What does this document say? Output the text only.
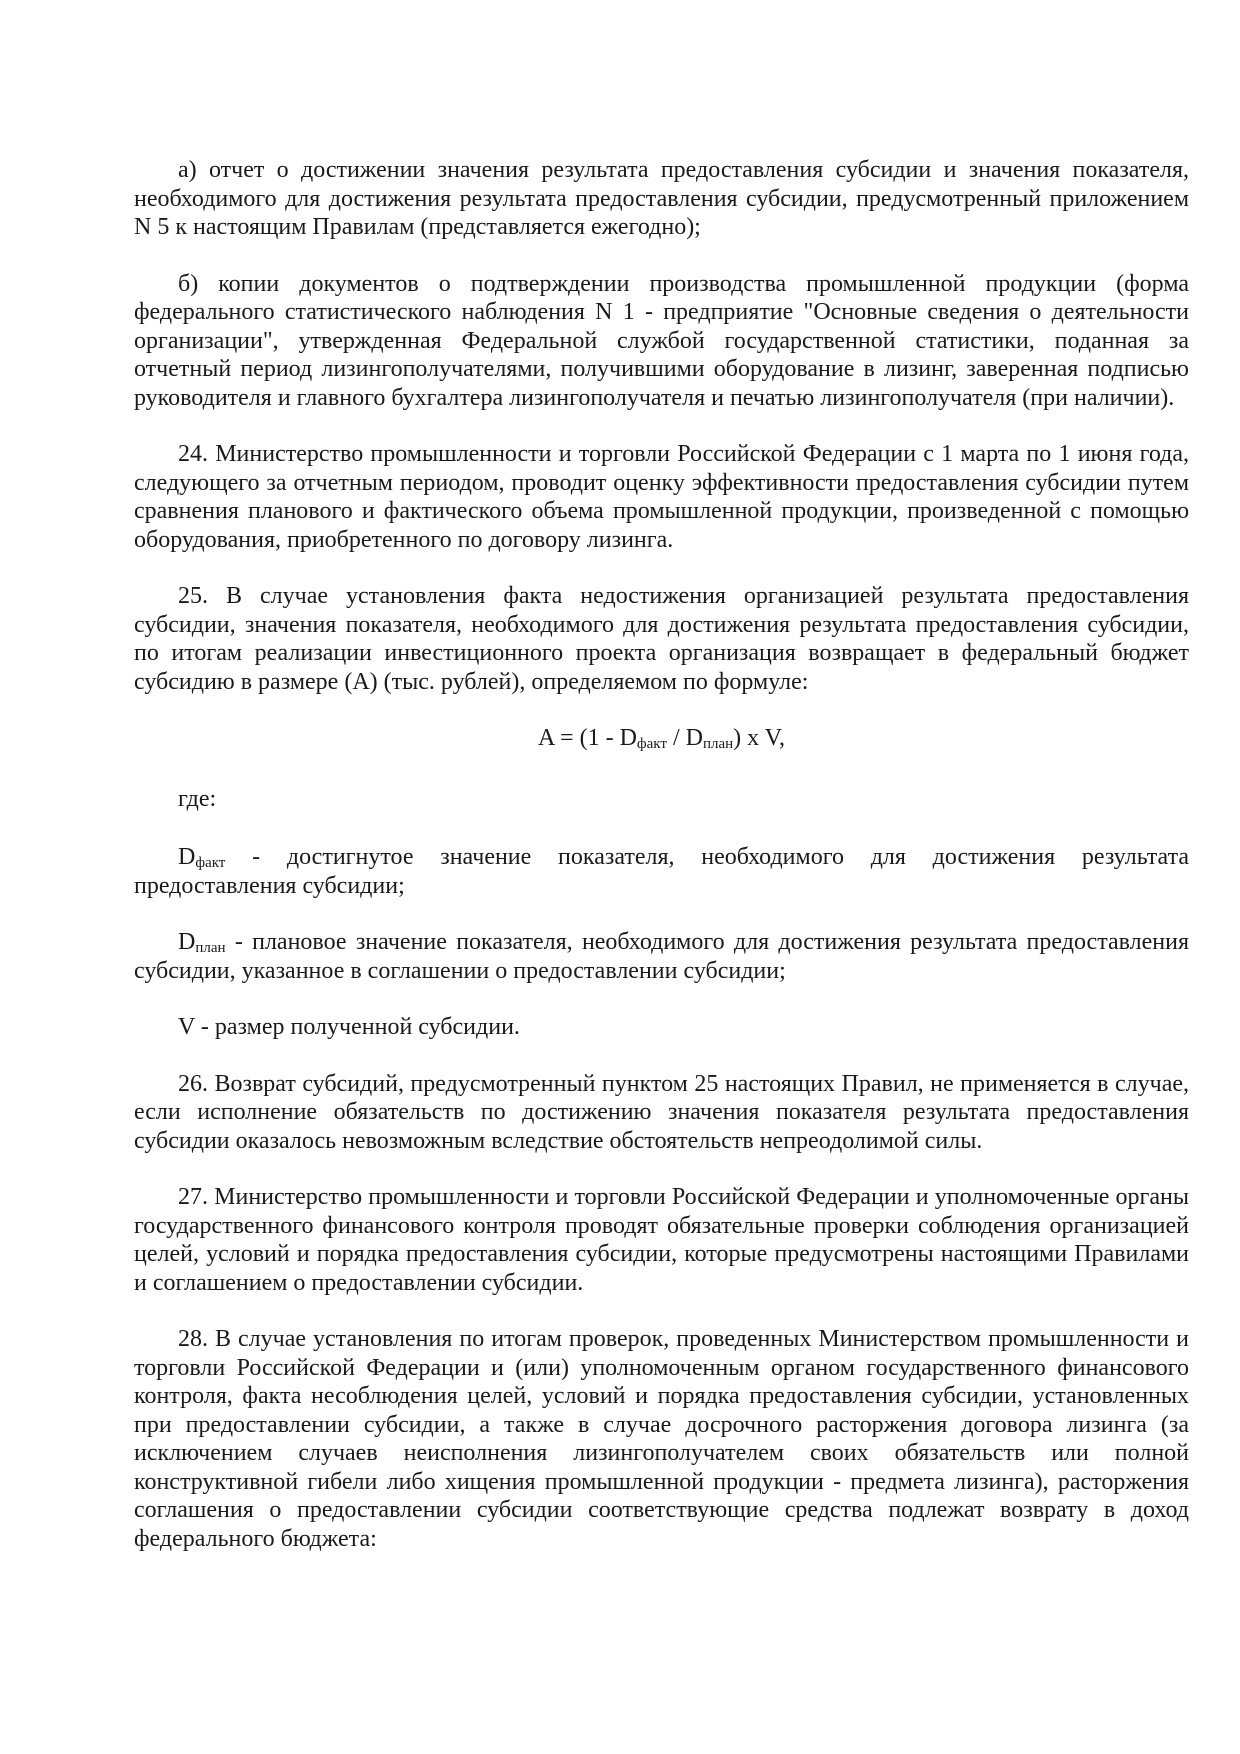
а) отчет о достижении значения результата предоставления субсидии и значения показателя, необходимого для достижения результата предоставления субсидии, предусмотренный приложением N 5 к настоящим Правилам (представляется ежегодно);

б) копии документов о подтверждении производства промышленной продукции (форма федерального статистического наблюдения N 1 - предприятие "Основные сведения о деятельности организации", утвержденная Федеральной службой государственной статистики, поданная за отчетный период лизингополучателями, получившими оборудование в лизинг, заверенная подписью руководителя и главного бухгалтера лизингополучателя и печатью лизингополучателя (при наличии).

24. Министерство промышленности и торговли Российской Федерации с 1 марта по 1 июня года, следующего за отчетным периодом, проводит оценку эффективности предоставления субсидии путем сравнения планового и фактического объема промышленной продукции, произведенной с помощью оборудования, приобретенного по договору лизинга.

25. В случае установления факта недостижения организацией результата предоставления субсидии, значения показателя, необходимого для достижения результата предоставления субсидии, по итогам реализации инвестиционного проекта организация возвращает в федеральный бюджет субсидию в размере (A) (тыс. рублей), определяемом по формуле:

$A = (1 - D_{факт} / D_{план})$ x V,

где:

$D_{факт}$ - достигнутое значение показателя, необходимого для достижения результата предоставления субсидии;

$D_{план}$ - плановое значение показателя, необходимого для достижения результата предоставления субсидии, указанное в соглашении о предоставлении субсидии;

V - размер полученной субсидии.

26. Возврат субсидий, предусмотренный пунктом 25 настоящих Правил, не применяется в случае, если исполнение обязательств по достижению значения показателя результата предоставления субсидии оказалось невозможным вследствие обстоятельств непреодолимой силы.

27. Министерство промышленности и торговли Российской Федерации и уполномоченные органы государственного финансового контроля проводят обязательные проверки соблюдения организацией целей, условий и порядка предоставления субсидии, которые предусмотрены настоящими Правилами и соглашением о предоставлении субсидии.

28. В случае установления по итогам проверок, проведенных Министерством промышленности и торговли Российской Федерации и (или) уполномоченным органом государственного финансового контроля, факта несоблюдения целей, условий и порядка предоставления субсидии, установленных при предоставлении субсидии, а также в случае досрочного расторжения договора лизинга (за исключением случаев неисполнения лизингополучателем своих обязательств или полной конструктивной гибели либо хищения промышленной продукции - предмета лизинга), расторжения соглашения о предоставлении субсидии соответствующие средства подлежат возврату в доход федерального бюджета:
